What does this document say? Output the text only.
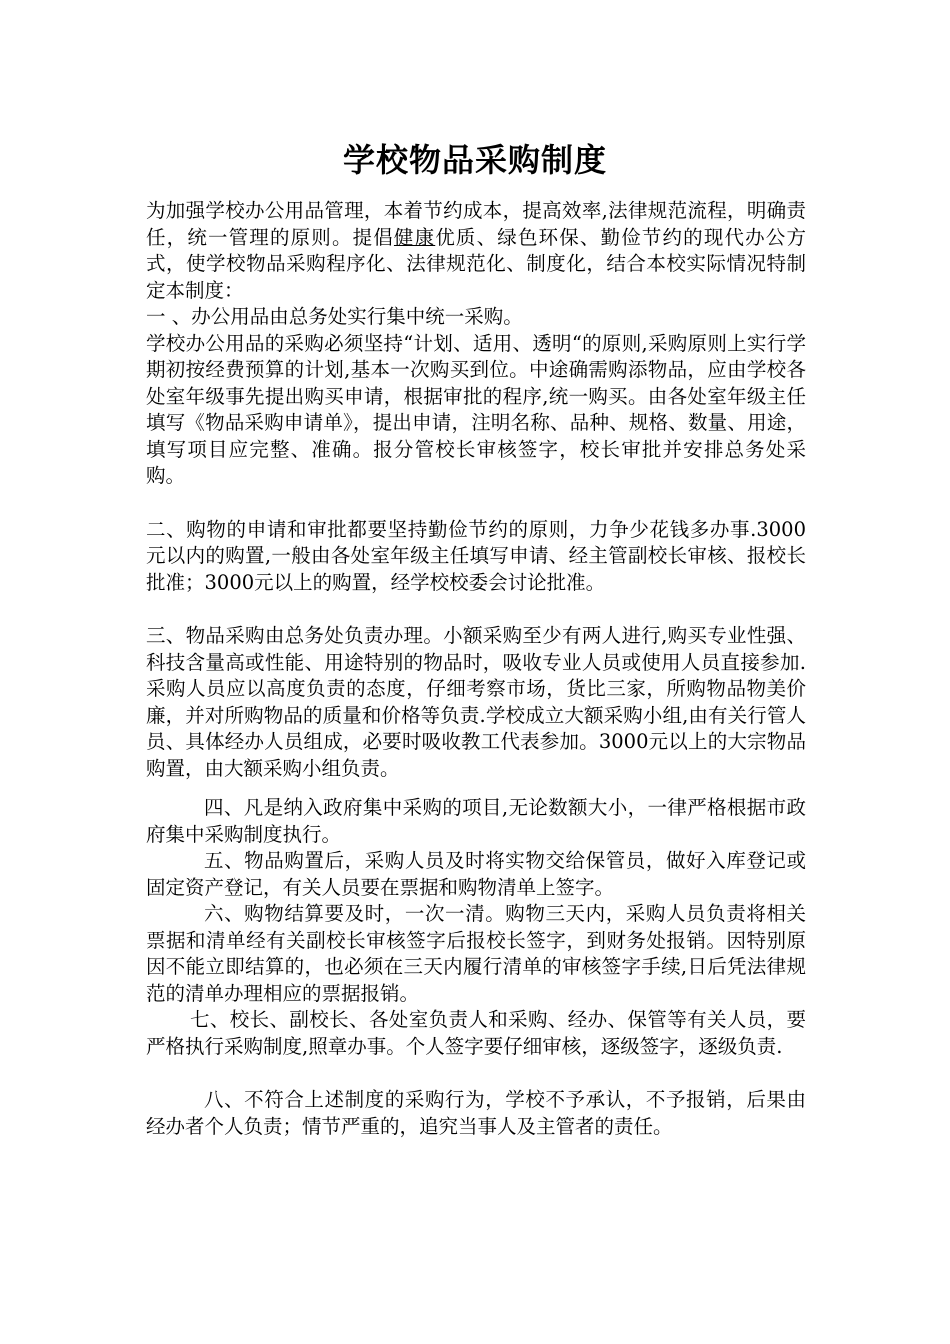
学校物品采购制度

为加强学校办公用品管理，本着节约成本，提高效率,法律规范流程，明确责任，统一管理的原则。提倡健康优质、绿色环保、勤俭节约的现代办公方式，使学校物品采购程序化、法律规范化、制度化，结合本校实际情况特制定本制度：

一 、办公用品由总务处实行集中统一采购。

学校办公用品的采购必须坚持“计划、适用、透明“的原则,采购原则上实行学期初按经费预算的计划,基本一次购买到位。中途确需购添物品，应由学校各处室年级事先提出购买申请，根据审批的程序,统一购买。由各处室年级主任填写《物品采购申请单》，提出申请，注明名称、品种、规格、数量、用途，填写项目应完整、准确。报分管校长审核签字，校长审批并安排总务处采购。

二、购物的申请和审批都要坚持勤俭节约的原则，力争少花钱多办事.3000元以内的购置,一般由各处室年级主任填写申请、经主管副校长审核、报校长批准；3000元以上的购置，经学校校委会讨论批准。

三、物品采购由总务处负责办理。小额采购至少有两人进行,购买专业性强、科技含量高或性能、用途特别的物品时，吸收专业人员或使用人员直接参加.采购人员应以高度负责的态度，仔细考察市场，货比三家，所购物品物美价廉，并对所购物品的质量和价格等负责.学校成立大额采购小组,由有关行管人员、具体经办人员组成，必要时吸收教工代表参加。3000元以上的大宗物品购置，由大额采购小组负责。

四、凡是纳入政府集中采购的项目,无论数额大小，一律严格根据市政府集中采购制度执行。

五、物品购置后，采购人员及时将实物交给保管员，做好入库登记或固定资产登记，有关人员要在票据和购物清单上签字。

六、购物结算要及时，一次一清。购物三天内，采购人员负责将相关票据和清单经有关副校长审核签字后报校长签字，到财务处报销。因特别原因不能立即结算的，也必须在三天内履行清单的审核签字手续,日后凭法律规范的清单办理相应的票据报销。

七、校长、副校长、各处室负责人和采购、经办、保管等有关人员，要严格执行采购制度,照章办事。个人签字要仔细审核，逐级签字，逐级负责.

八、不符合上述制度的采购行为，学校不予承认，不予报销，后果由经办者个人负责；情节严重的，追究当事人及主管者的责任。
